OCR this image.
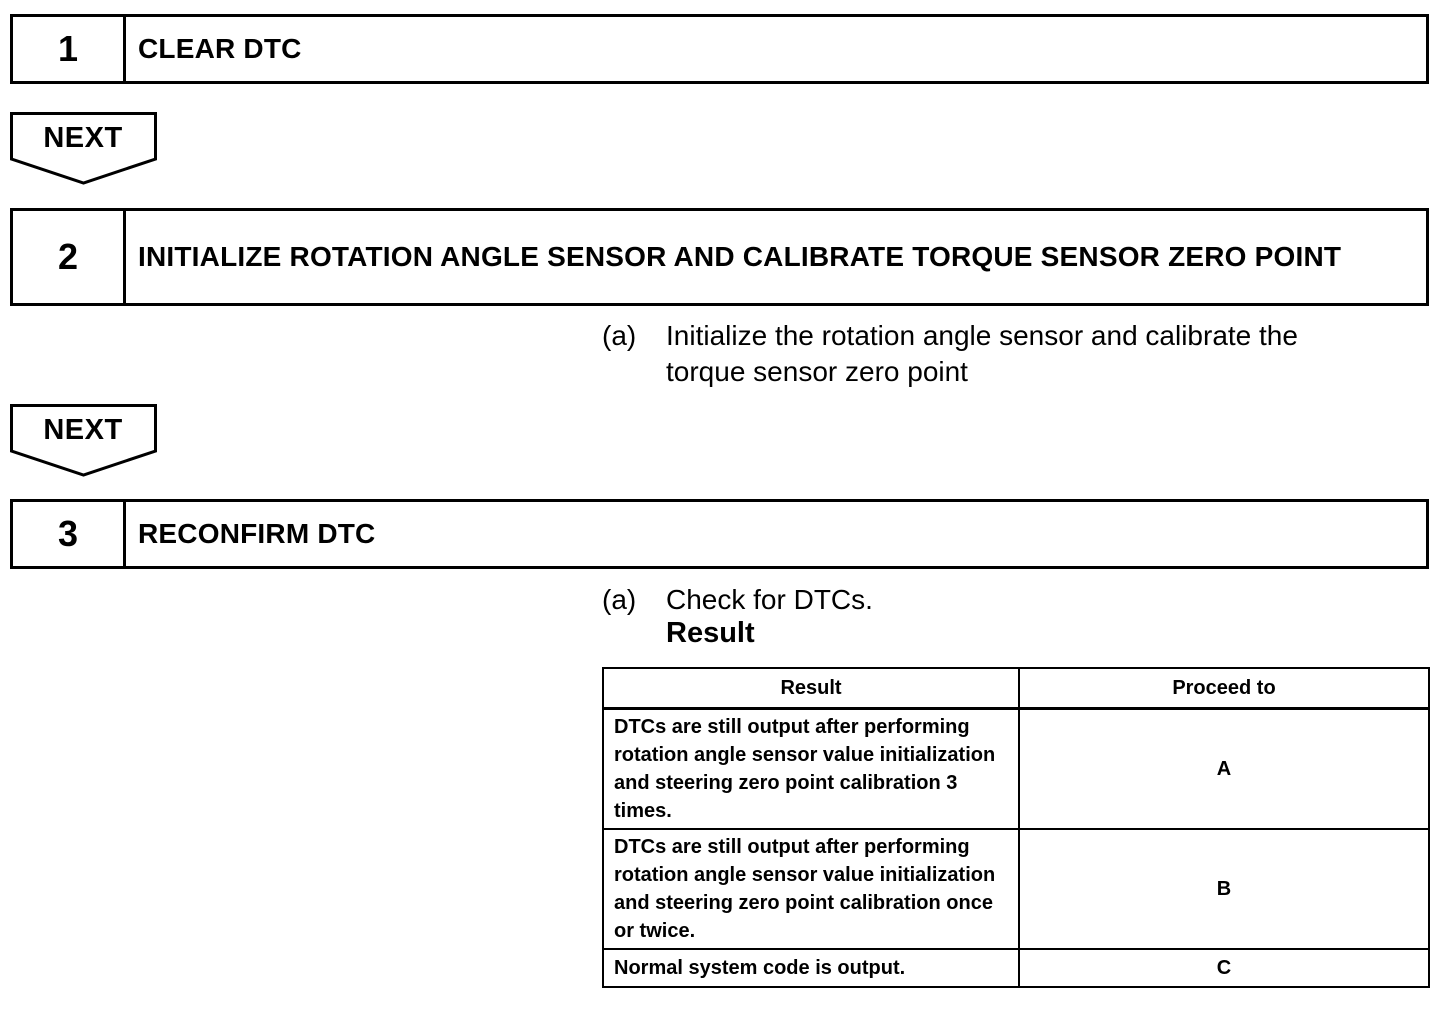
1	CLEAR DTC
NEXT
2	INITIALIZE ROTATION ANGLE SENSOR AND CALIBRATE TORQUE SENSOR ZERO POINT
(a)	Initialize the rotation angle sensor and calibrate the torque sensor zero point
NEXT
3	RECONFIRM DTC
(a)	Check for DTCs.
Result
Result	Proceed to
DTCs are still output after performing rotation angle sensor value initialization and steering zero point calibration 3 times.	A
DTCs are still output after performing rotation angle sensor value initialization and steering zero point calibration once or twice.	B
Normal system code is output.	C
